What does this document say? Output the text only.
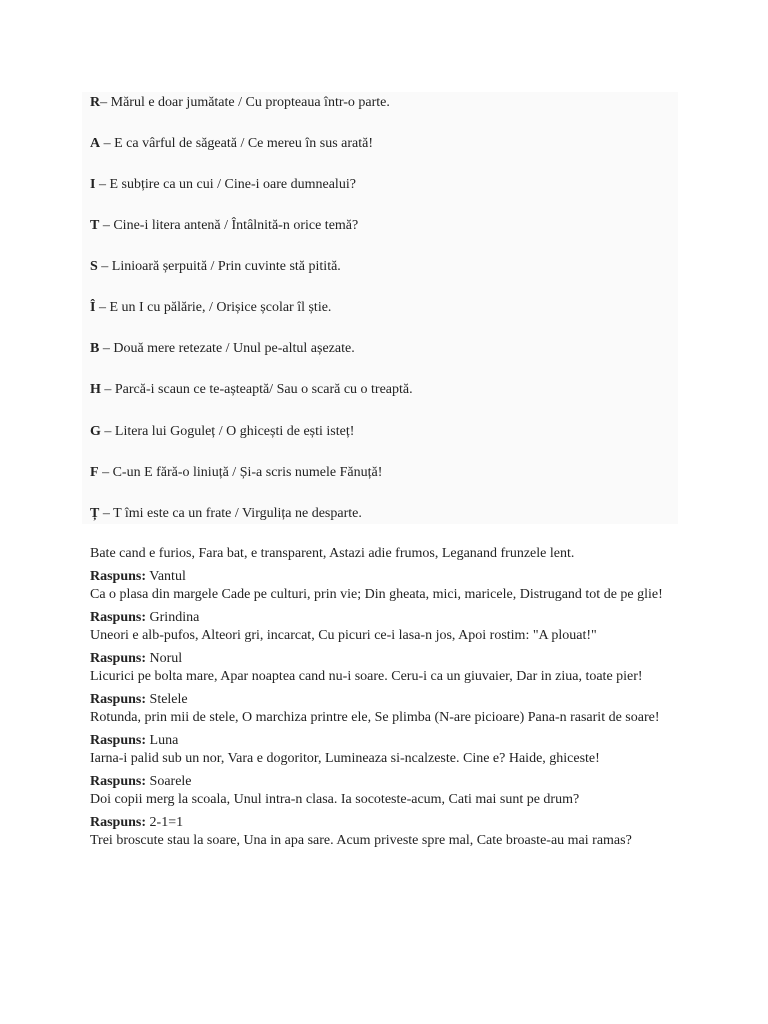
R– Mărul e doar jumătate / Cu propteaua într-o parte.
A – E ca vârful de săgeată / Ce mereu în sus arată!
I – E subțire ca un cui / Cine-i oare dumnealui?
T – Cine-i litera antenă / Întâlnită-n orice temă?
S – Linioară șerpuită / Prin cuvinte stă pitită.
Î – E un I cu pălărie, / Orișice școlar îl știe.
B – Două mere retezate / Unul pe-altul așezate.
H – Parcă-i scaun ce te-așteaptă/ Sau o scară cu o treaptă.
G – Litera lui Goguleț / O ghicești de ești isteț!
F – C-un E fără-o liniuță / Și-a scris numele Fănuță!
Ț – T îmi este ca un frate / Virgulița ne desparte.

Bate cand e furios, Fara bat, e transparent, Astazi adie frumos, Leganand frunzele lent.

Raspuns: Vantul

Ca o plasa din margele Cade pe culturi, prin vie; Din gheata, mici, maricele, Distrugand tot de pe glie!

Raspuns: Grindina

Uneori e alb-pufos, Alteori gri, incarcat, Cu picuri ce-i lasa-n jos, Apoi rostim: "A plouat!"

Raspuns: Norul

Licurici pe bolta mare, Apar noaptea cand nu-i soare. Ceru-i ca un giuvaier, Dar in ziua, toate pier!

Raspuns: Stelele

Rotunda, prin mii de stele, O marchiza printre ele, Se plimba (N-are picioare) Pana-n rasarit de soare!

Raspuns: Luna

Iarna-i palid sub un nor, Vara e dogoritor, Lumineaza si-ncalzeste. Cine e? Haide, ghiceste!

Raspuns: Soarele

Doi copii merg la scoala, Unul intra-n clasa. Ia socoteste-acum, Cati mai sunt pe drum?

Raspuns: 2-1=1

Trei broscute stau la soare, Una in apa sare. Acum priveste spre mal, Cate broaste-au mai ramas?
